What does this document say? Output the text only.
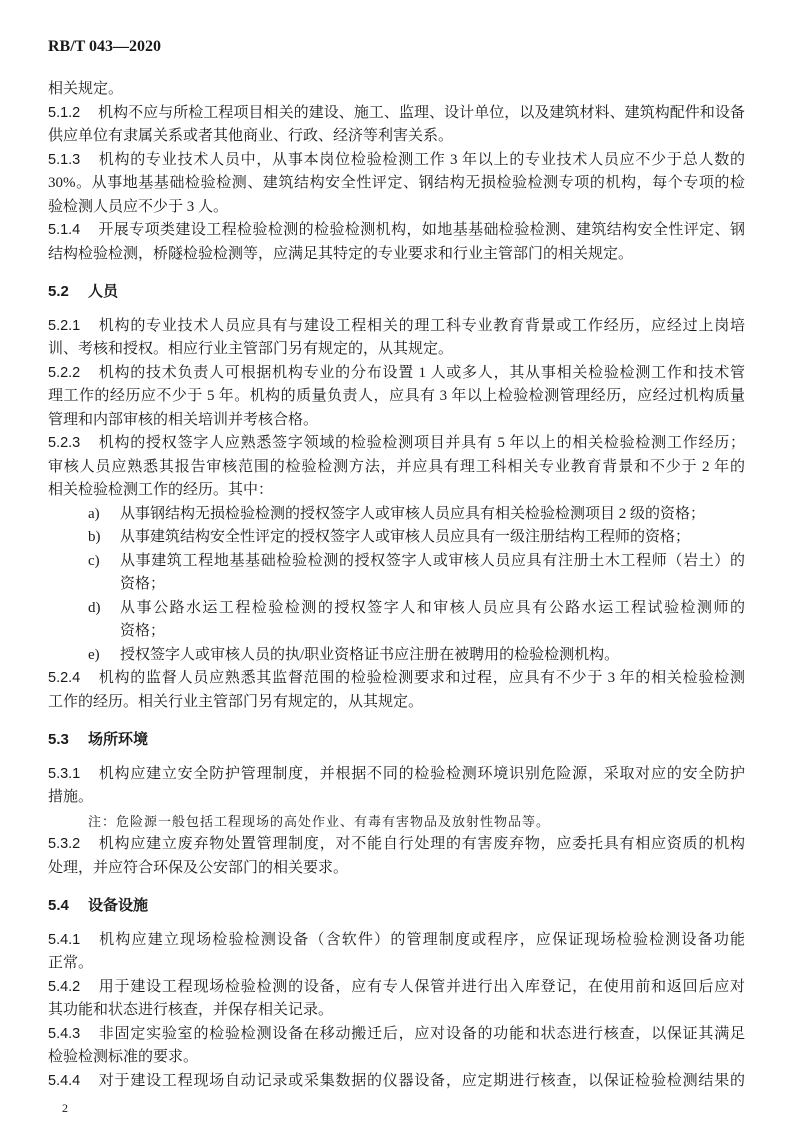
RB/T 043—2020
相关规定。
5.1.2 机构不应与所检工程项目相关的建设、施工、监理、设计单位，以及建筑材料、建筑构配件和设备
供应单位有隶属关系或者其他商业、行政、经济等利害关系。
5.1.3 机构的专业技术人员中，从事本岗位检验检测工作 3 年以上的专业技术人员应不少于总人数的
30%。从事地基基础检验检测、建筑结构安全性评定、钢结构无损检验检测专项的机构，每个专项的检
验检测人员应不少于 3 人。
5.1.4 开展专项类建设工程检验检测的检验检测机构，如地基基础检验检测、建筑结构安全性评定、钢
结构检验检测，桥隧检验检测等，应满足其特定的专业要求和行业主管部门的相关规定。
5.2 人员
5.2.1 机构的专业技术人员应具有与建设工程相关的理工科专业教育背景或工作经历，应经过上岗培
训、考核和授权。相应行业主管部门另有规定的，从其规定。
5.2.2 机构的技术负责人可根据机构专业的分布设置 1 人或多人，其从事相关检验检测工作和技术管
理工作的经历应不少于 5 年。机构的质量负责人，应具有 3 年以上检验检测管理经历，应经过机构质量
管理和内部审核的相关培训并考核合格。
5.2.3 机构的授权签字人应熟悉签字领域的检验检测项目并具有 5 年以上的相关检验检测工作经历；
审核人员应熟悉其报告审核范围的检验检测方法，并应具有理工科相关专业教育背景和不少于 2 年的
相关检验检测工作的经历。其中：
a) 从事钢结构无损检验检测的授权签字人或审核人员应具有相关检验检测项目 2 级的资格；
b) 从事建筑结构安全性评定的授权签字人或审核人员应具有一级注册结构工程师的资格；
c) 从事建筑工程地基基础检验检测的授权签字人或审核人员应具有注册土木工程师（岩土）的
资格；
d) 从事公路水运工程检验检测的授权签字人和审核人员应具有公路水运工程试验检测师的
资格；
e) 授权签字人或审核人员的执/职业资格证书应注册在被聘用的检验检测机构。
5.2.4 机构的监督人员应熟悉其监督范围的检验检测要求和过程，应具有不少于 3 年的相关检验检测
工作的经历。相关行业主管部门另有规定的，从其规定。
5.3 场所环境
5.3.1 机构应建立安全防护管理制度，并根据不同的检验检测环境识别危险源，采取对应的安全防护
措施。
注：危险源一般包括工程现场的高处作业、有毒有害物品及放射性物品等。
5.3.2 机构应建立废弃物处置管理制度，对不能自行处理的有害废弃物，应委托具有相应资质的机构
处理，并应符合环保及公安部门的相关要求。
5.4 设备设施
5.4.1 机构应建立现场检验检测设备（含软件）的管理制度或程序，应保证现场检验检测设备功能
正常。
5.4.2 用于建设工程现场检验检测的设备，应有专人保管并进行出入库登记，在使用前和返回后应对
其功能和状态进行核查，并保存相关记录。
5.4.3 非固定实验室的检验检测设备在移动搬迁后，应对设备的功能和状态进行核查，以保证其满足
检验检测标准的要求。
5.4.4 对于建设工程现场自动记录或采集数据的仪器设备，应定期进行核查，以保证检验检测结果的
2
